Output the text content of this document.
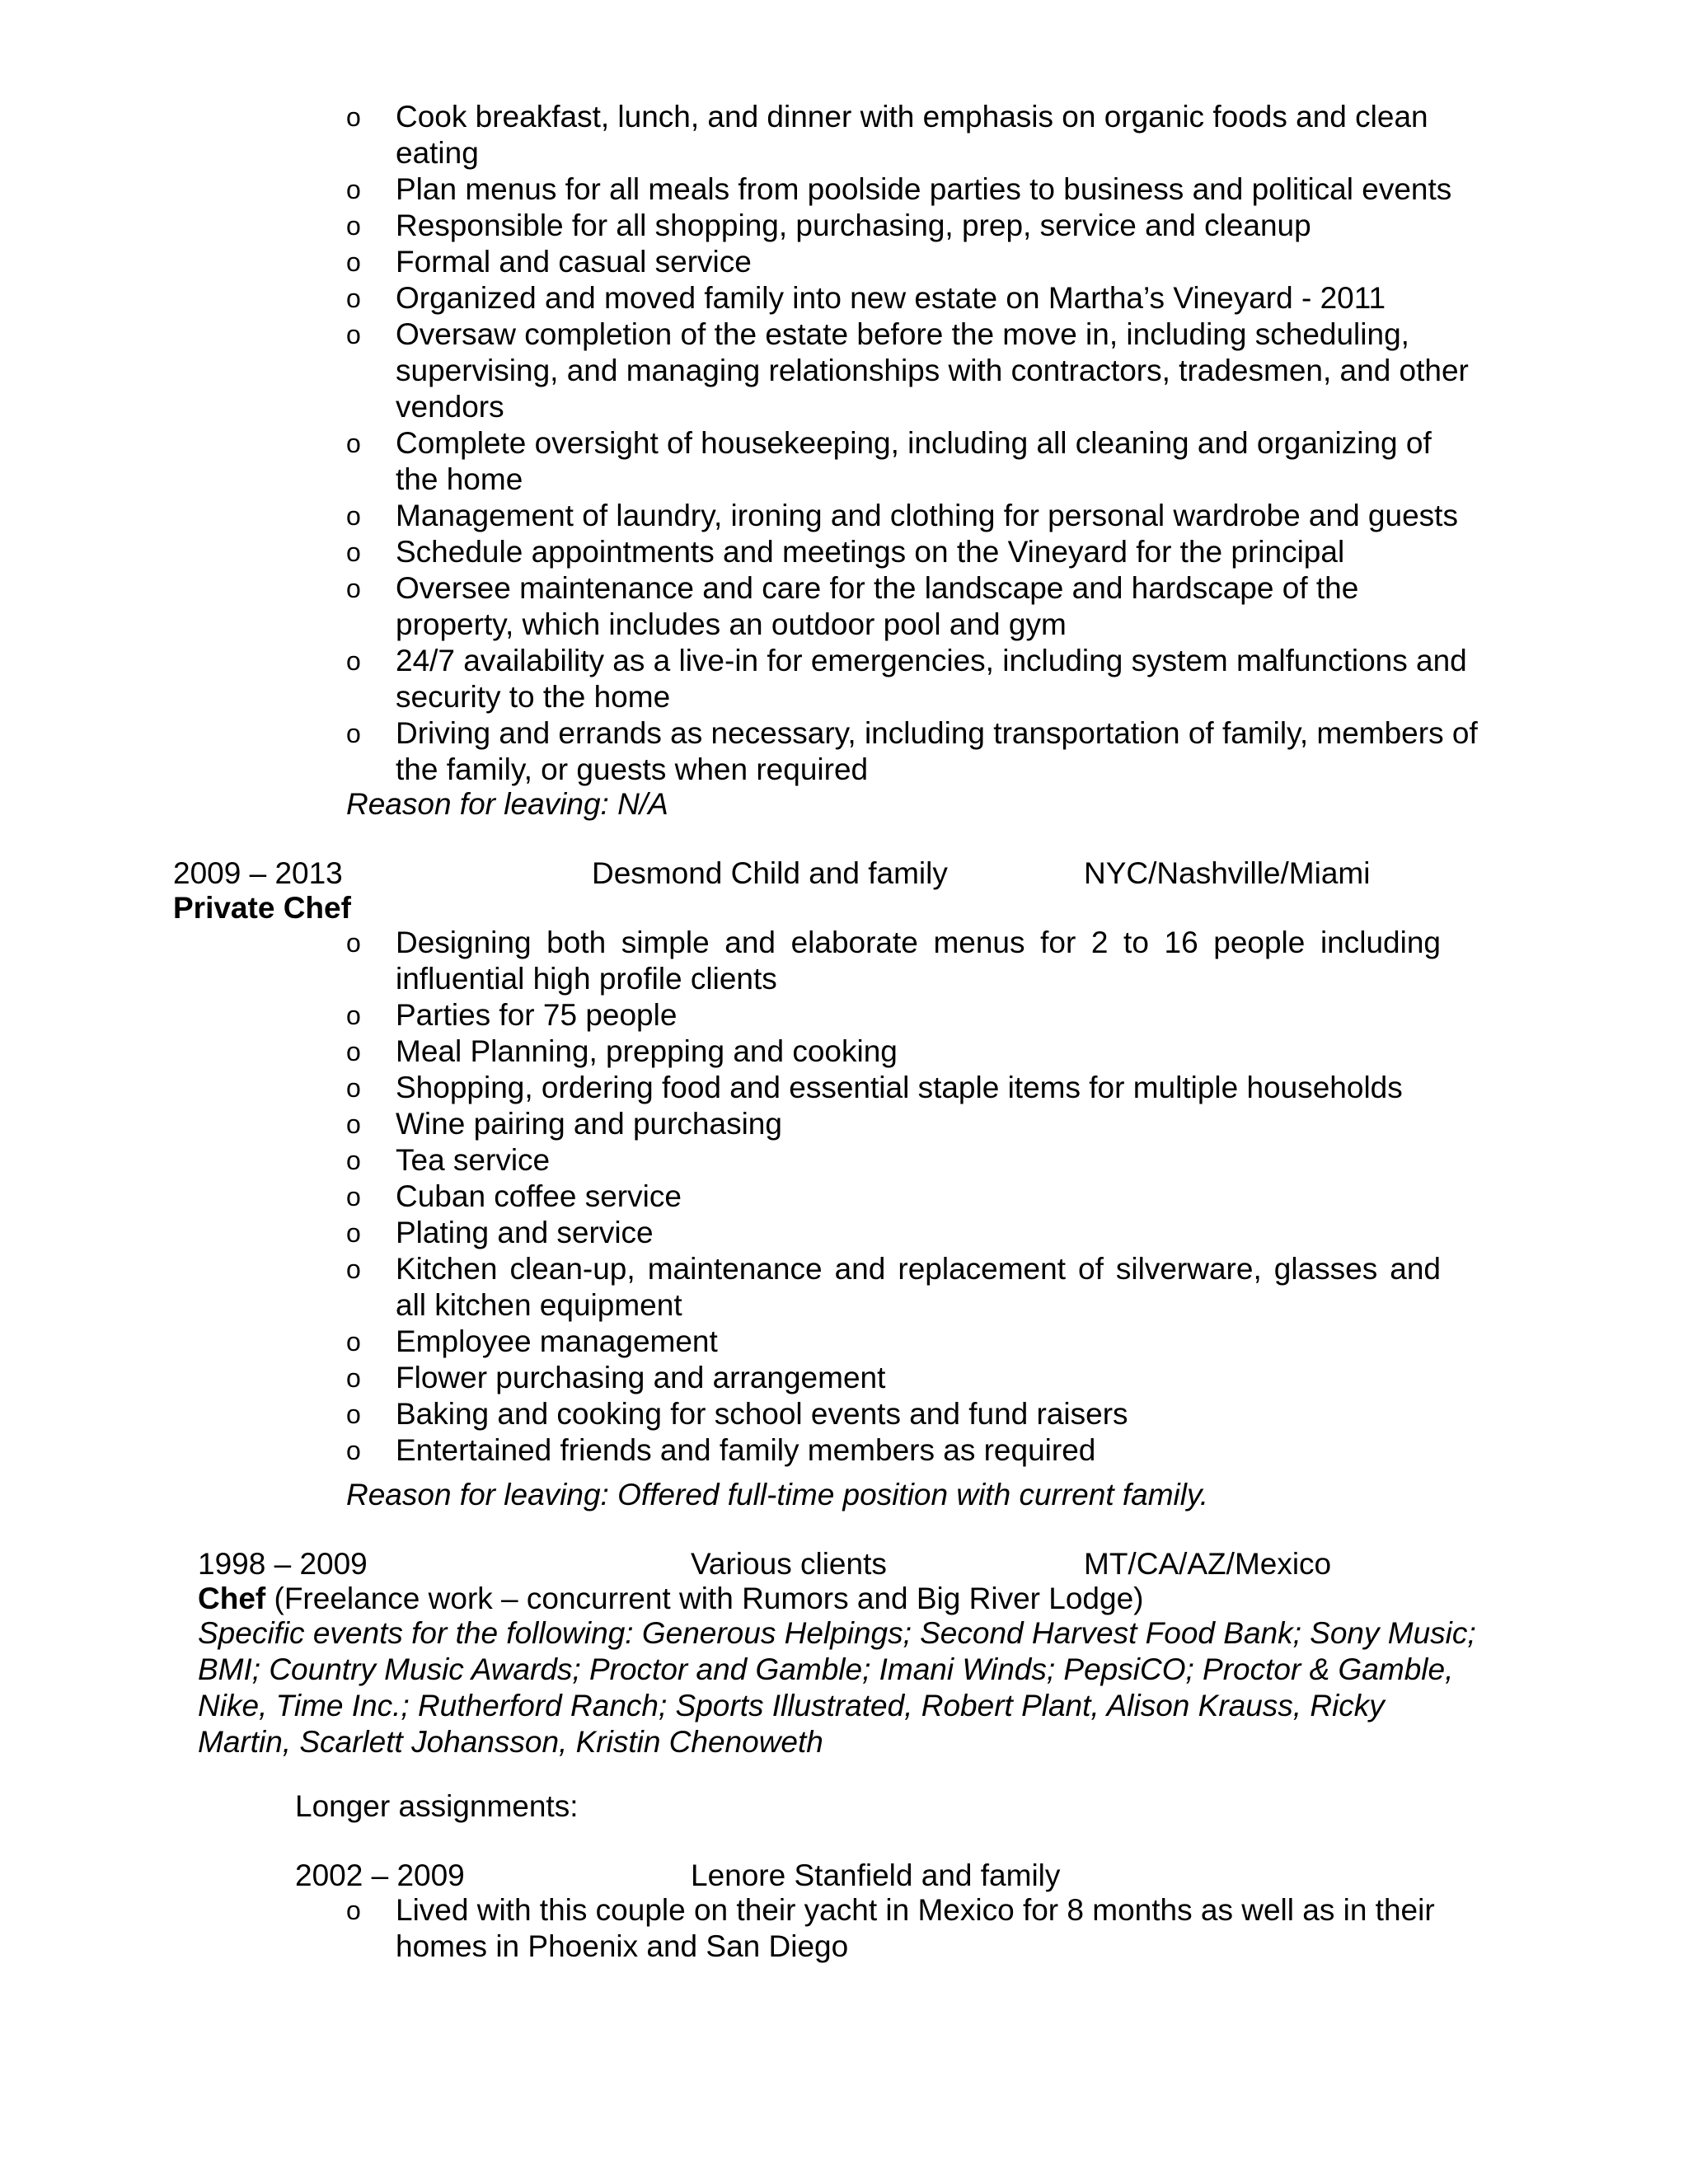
o Cook breakfast, lunch, and dinner with emphasis on organic foods and clean eating
o Plan menus for all meals from poolside parties to business and political events
o Responsible for all shopping, purchasing, prep, service and cleanup
o Formal and casual service
o Organized and moved family into new estate on Martha’s Vineyard - 2011
o Oversaw completion of the estate before the move in, including scheduling, supervising, and managing relationships with contractors, tradesmen, and other vendors
o Complete oversight of housekeeping, including all cleaning and organizing of the home
o Management of laundry, ironing and clothing for personal wardrobe and guests
o Schedule appointments and meetings on the Vineyard for the principal
o Oversee maintenance and care for the landscape and hardscape of the property, which includes an outdoor pool and gym
o 24/7 availability as a live-in for emergencies, including system malfunctions and security to the home
o Driving and errands as necessary, including transportation of family, members of the family, or guests when required
Reason for leaving: N/A
2009 – 2013	Desmond Child and family	NYC/Nashville/Miami
Private Chef
o Designing both simple and elaborate menus for 2 to 16 people including influential high profile clients
o Parties for 75 people
o Meal Planning, prepping and cooking
o Shopping, ordering food and essential staple items for multiple households
o Wine pairing and purchasing
o Tea service
o Cuban coffee service
o Plating and service
o Kitchen clean-up, maintenance and replacement of silverware, glasses and all kitchen equipment
o Employee management
o Flower purchasing and arrangement
o Baking and cooking for school events and fund raisers
o Entertained friends and family members as required
Reason for leaving: Offered full-time position with current family.
1998 – 2009	Various clients	MT/CA/AZ/Mexico
Chef (Freelance work – concurrent with Rumors and Big River Lodge)
Specific events for the following: Generous Helpings; Second Harvest Food Bank; Sony Music; BMI; Country Music Awards; Proctor and Gamble; Imani Winds; PepsiCO; Proctor & Gamble, Nike, Time Inc.; Rutherford Ranch; Sports Illustrated, Robert Plant, Alison Krauss, Ricky Martin, Scarlett Johansson, Kristin Chenoweth
Longer assignments:
2002 – 2009	Lenore Stanfield and family
o Lived with this couple on their yacht in Mexico for 8 months as well as in their homes in Phoenix and San Diego
